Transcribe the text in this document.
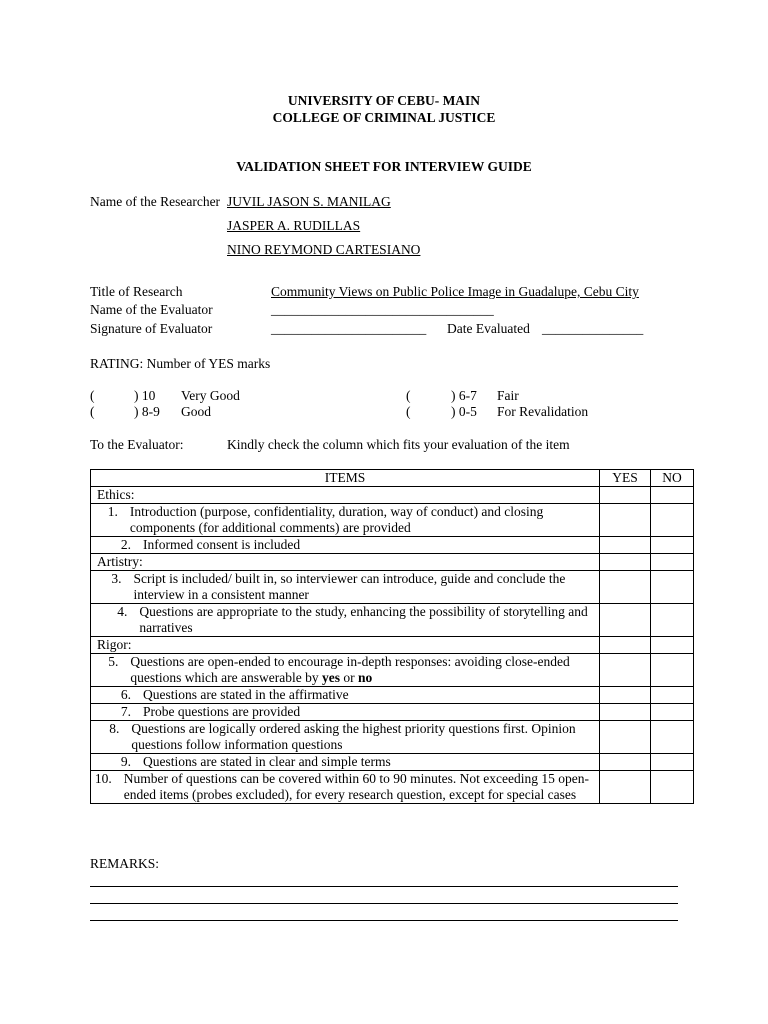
UNIVERSITY OF CEBU- MAIN
COLLEGE OF CRIMINAL JUSTICE
VALIDATION SHEET FOR INTERVIEW GUIDE
Name of the Researcher JUVIL JASON S. MANILAG
JASPER A. RUDILLAS
NINO REYMOND CARTESIANO
Title of Research	Community Views on Public Police Image in Guadalupe, Cebu City
Name of the Evaluator	_________________________________
Signature of Evaluator	_______________________ Date Evaluated _______________
RATING: Number of YES marks
(	) 10 Very Good
(	) 8-9 Good
(	) 6-7 Fair
(	) 0-5 For Revalidation
To the Evaluator:	Kindly check the column which fits your evaluation of the item
ITEMS	YES	NO
Ethics:		

1. Introduction (purpose, confidentiality, duration, way of conduct) and closing components (for additional comments) are provided		

2. Informed consent is included		

Artistry:		

3. Script is included/ built in, so interviewer can introduce, guide and conclude the interview in a consistent manner		

4. Questions are appropriate to the study, enhancing the possibility of storytelling and narratives		

Rigor:		

5. Questions are open-ended to encourage in-depth responses: avoiding close-ended questions which are answerable by yes or no		

6. Questions are stated in the affirmative		

7. Probe questions are provided		

8. Questions are logically ordered asking the highest priority questions first. Opinion questions follow information questions		

9. Questions are stated in clear and simple terms		

10. Number of questions can be covered within 60 to 90 minutes. Not exceeding 15 open-ended items (probes excluded), for every research question, except for special cases		

REMARKS:
